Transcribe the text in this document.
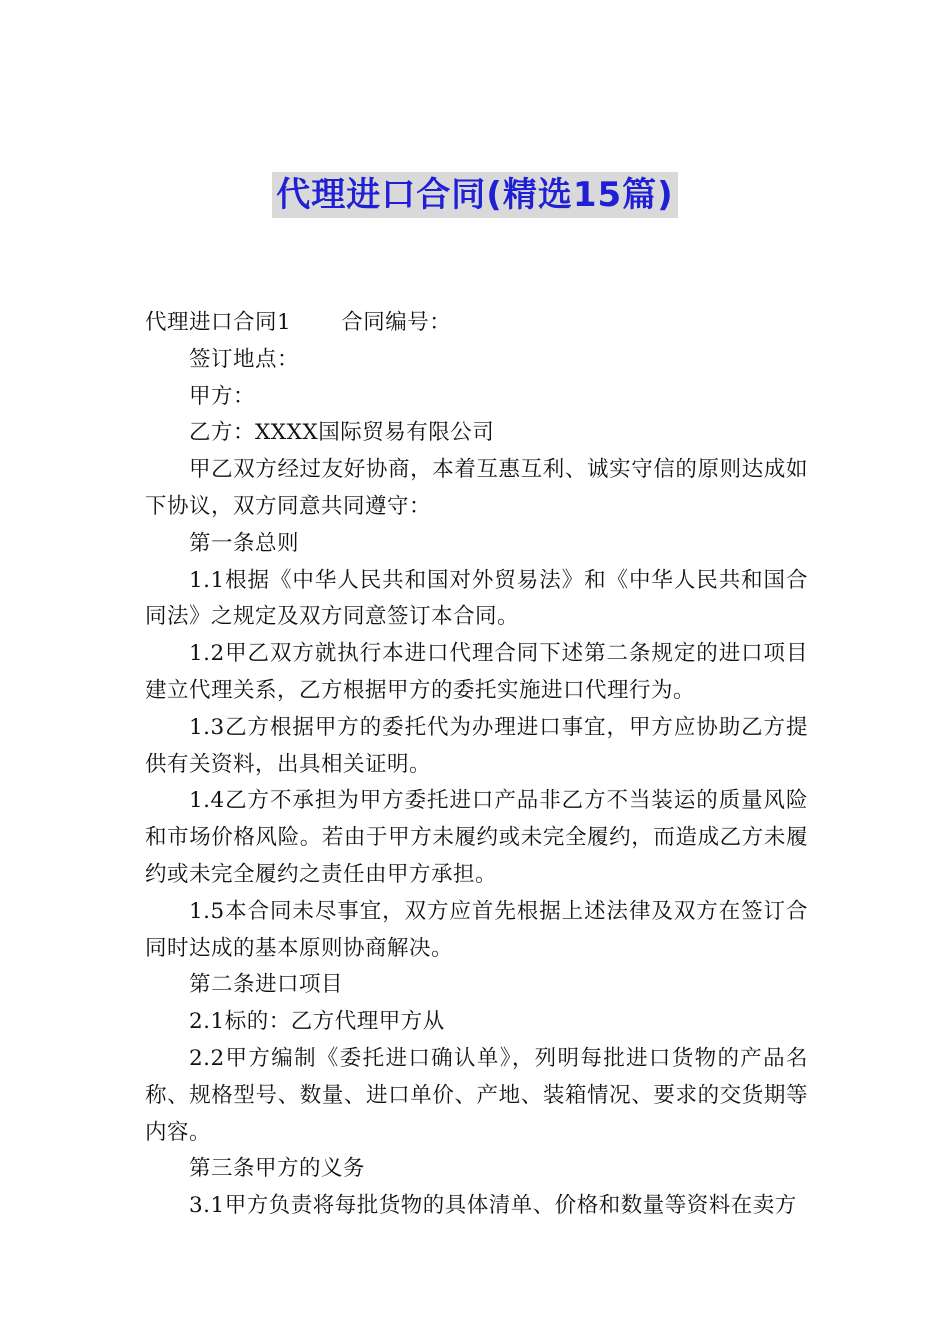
代理进口合同(精选15篇)

代理进口合同1 合同编号：

签订地点：

甲方：

乙方：XXXX国际贸易有限公司

甲乙双方经过友好协商，本着互惠互利、诚实守信的原则达成如下协议，双方同意共同遵守：

第一条总则

1.1根据《中华人民共和国对外贸易法》和《中华人民共和国合同法》之规定及双方同意签订本合同。

1.2甲乙双方就执行本进口代理合同下述第二条规定的进口项目建立代理关系，乙方根据甲方的委托实施进口代理行为。

1.3乙方根据甲方的委托代为办理进口事宜，甲方应协助乙方提供有关资料，出具相关证明。

1.4乙方不承担为甲方委托进口产品非乙方不当装运的质量风险和市场价格风险。若由于甲方未履约或未完全履约，而造成乙方未履约或未完全履约之责任由甲方承担。

1.5本合同未尽事宜，双方应首先根据上述法律及双方在签订合同时达成的基本原则协商解决。

第二条进口项目

2.1标的：乙方代理甲方从

2.2甲方编制《委托进口确认单》，列明每批进口货物的产品名称、规格型号、数量、进口单价、产地、装箱情况、要求的交货期等内容。

第三条甲方的义务

3.1甲方负责将每批货物的具体清单、价格和数量等资料在卖方
